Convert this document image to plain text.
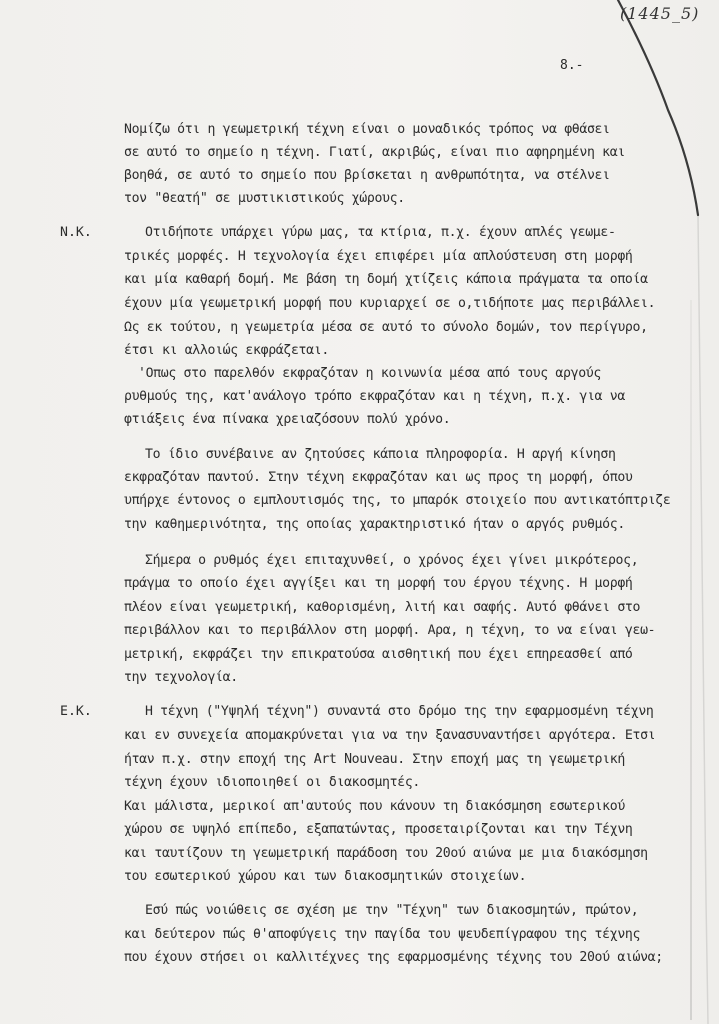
(1445_5)
8.-
Νομίζω ότι η γεωμετρική τέχνη είναι ο μοναδικός τρόπος να φθάσει
σε αυτό το σημείο η τέχνη. Γιατί, ακριβώς, είναι πιο αφηρημένη και
βοηθά, σε αυτό το σημείο που βρίσκεται η ανθρωπότητα, να στέλνει
τον "θεατή" σε μυστικιστικούς χώρους.
Ν.Κ.	Οτιδήποτε υπάρχει γύρω μας, τα κτίρια, π.χ. έχουν απλές γεωμε-
τρικές μορφές. Η τεχνολογία έχει επιφέρει μία απλούστευση στη μορφή
και μία καθαρή δομή. Με βάση τη δομή χτίζεις κάποια πράγματα τα οποία
έχουν μία γεωμετρική μορφή που κυριαρχεί σε ο,τιδήποτε μας περιβάλλει.
Ως εκ τούτου, η γεωμετρία μέσα σε αυτό το σύνολο δομών, τον περίγυρο,
έτσι κι αλλοιώς εκφράζεται.
'Οπως στο παρελθόν εκφραζόταν η κοινωνία μέσα από τους αργούς
ρυθμούς της, κατ'ανάλογο τρόπο εκφραζόταν και η τέχνη, π.χ. για να
φτιάξεις ένα πίνακα χρειαζόσουν πολύ χρόνο.
Το ίδιο συνέβαινε αν ζητούσες κάποια πληροφορία. Η αργή κίνηση
εκφραζόταν παντού. Στην τέχνη εκφραζόταν και ως προς τη μορφή, όπου
υπήρχε έντονος ο εμπλουτισμός της, το μπαρόκ στοιχείο που αντικατόπτριζε
την καθημερινότητα, της οποίας χαρακτηριστικό ήταν ο αργός ρυθμός.
Σήμερα ο ρυθμός έχει επιταχυνθεί, ο χρόνος έχει γίνει μικρότερος,
πράγμα το οποίο έχει αγγίξει και τη μορφή του έργου τέχνης. Η μορφή
πλέον είναι γεωμετρική, καθορισμένη, λιτή και σαφής. Αυτό φθάνει στο
περιβάλλον και το περιβάλλον στη μορφή. Αρα, η τέχνη, το να είναι γεω-
μετρική, εκφράζει την επικρατούσα αισθητική που έχει επηρεασθεί από
την τεχνολογία.
Ε.Κ.	Η τέχνη ("Υψηλή τέχνη") συναντά στο δρόμο της την εφαρμοσμένη τέχνη
και εν συνεχεία απομακρύνεται για να την ξανασυναντήσει αργότερα. Ετσι
ήταν π.χ. στην εποχή της Art Nouveau. Στην εποχή μας τη γεωμετρική
τέχνη έχουν ιδιοποιηθεί οι διακοσμητές.
Και μάλιστα, μερικοί απ'αυτούς που κάνουν τη διακόσμηση εσωτερικού
χώρου σε υψηλό επίπεδο, εξαπατώντας, προσεταιρίζονται και την Τέχνη
και ταυτίζουν τη γεωμετρική παράδοση του 20ού αιώνα με μια διακόσμηση
του εσωτερικού χώρου και των διακοσμητικών στοιχείων.
Εσύ πώς νοιώθεις σε σχέση με την "Τέχνη" των διακοσμητών, πρώτον,
και δεύτερον πώς θ'αποφύγεις την παγίδα του ψευδεπίγραφου της τέχνης
που έχουν στήσει οι καλλιτέχνες της εφαρμοσμένης τέχνης του 20ού αιώνα;
